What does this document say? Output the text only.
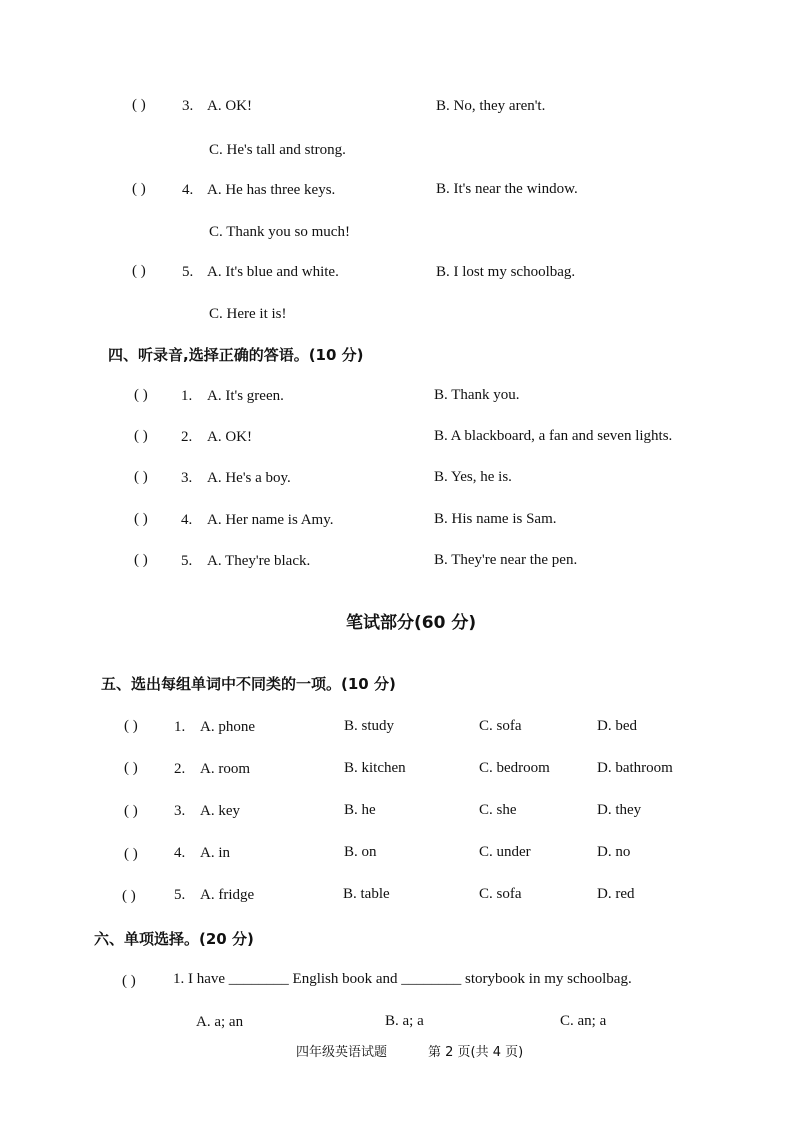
( ) 3. A. OK!	B. No, they aren't.
C. He's tall and strong.
( ) 4. A. He has three keys.	B. It's near the window.
C. Thank you so much!
( ) 5. A. It's blue and white.	B. I lost my schoolbag.
C. Here it is!
四、听录音,选择正确的答语。(10 分)
( ) 1. A. It's green.	B. Thank you.
( ) 2. A. OK!	B. A blackboard, a fan and seven lights.
( ) 3. A. He's a boy.	B. Yes, he is.
( ) 4. A. Her name is Amy.	B. His name is Sam.
( ) 5. A. They're black.	B. They're near the pen.
笔试部分(60 分)
五、选出每组单词中不同类的一项。(10 分)
( ) 1. A. phone	B. study	C. sofa	D. bed
( ) 2. A. room	B. kitchen	C. bedroom	D. bathroom
( ) 3. A. key	B. he	C. she	D. they
( ) 4. A. in	B. on	C. under	D. no
( )	5. A. fridge	B. table	C. sofa	D. red
六、单项选择。(20 分)
( ) 1. I have ________ English book and ________ storybook in my schoolbag.
A. a; an	B. a; a	C. an; a
四年级英语试题	第 2 页(共 4 页)
